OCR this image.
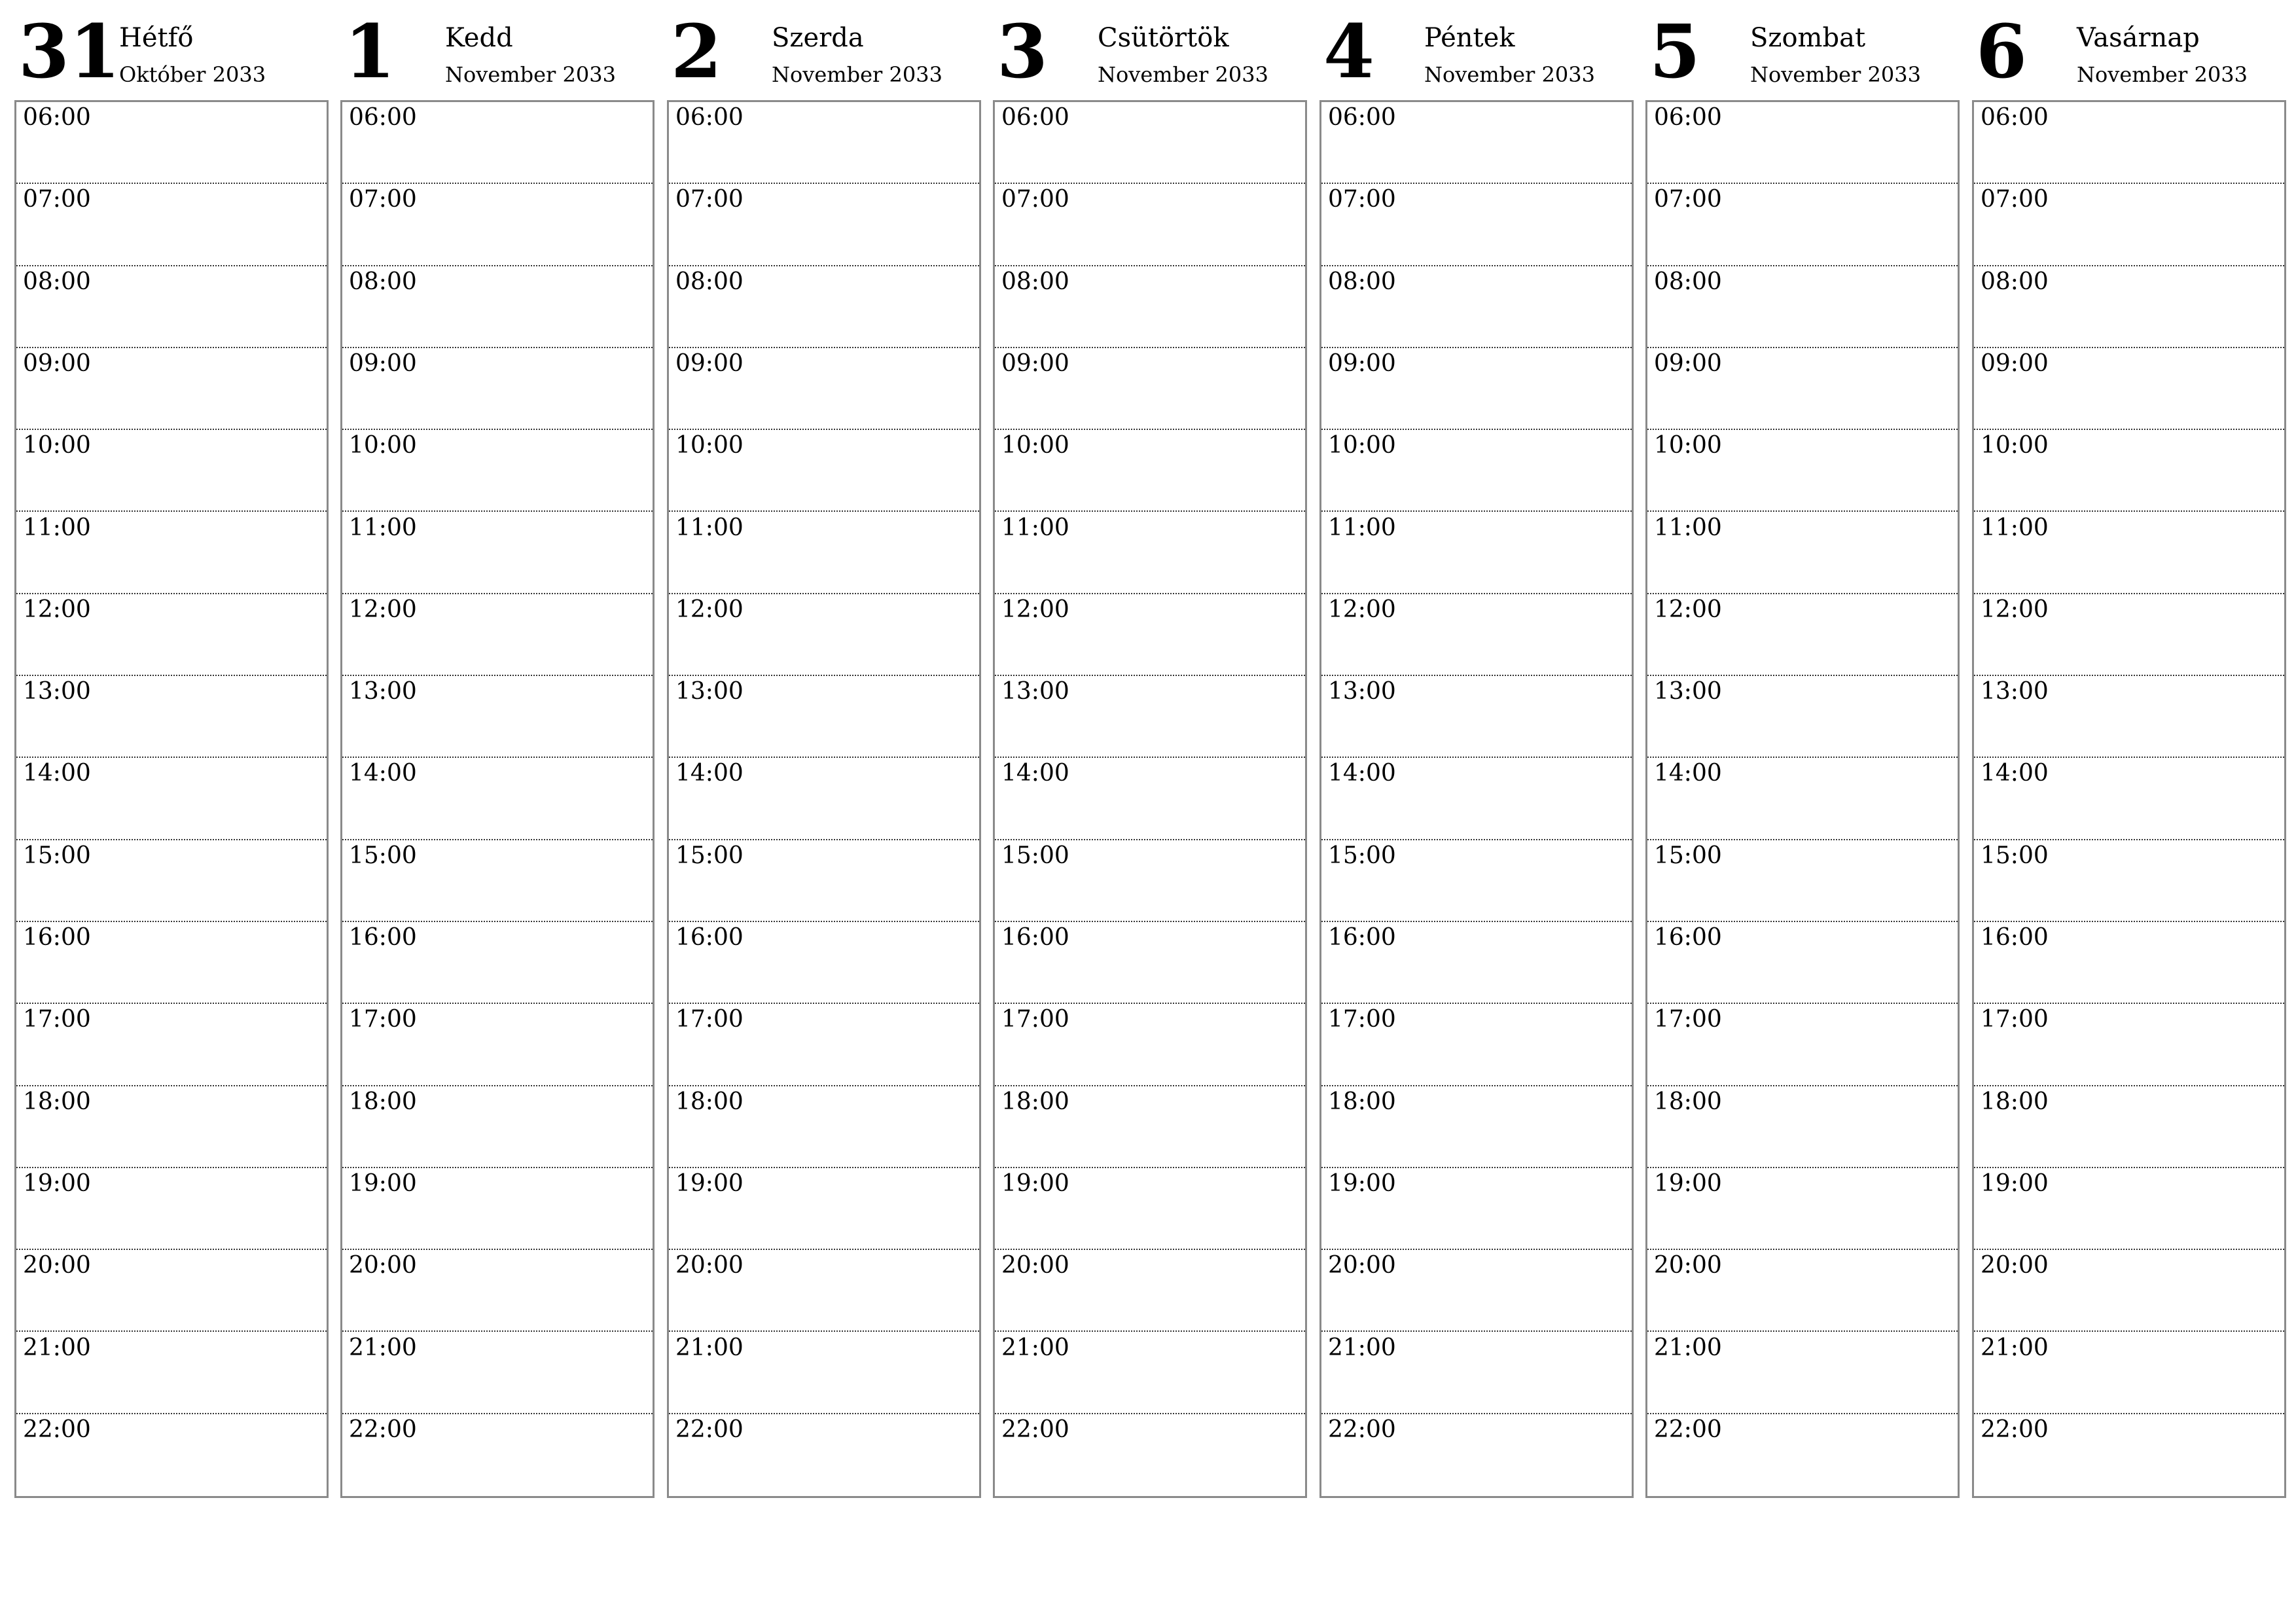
31
Hétfő
Október 2033
06:00
07:00
08:00
09:00
10:00
11:00
12:00
13:00
14:00
15:00
16:00
17:00
18:00
19:00
20:00
21:00
22:00
1 Kedd
November 2033
06:00
07:00
08:00
09:00
10:00
11:00
12:00
13:00
14:00
15:00
16:00
17:00
18:00
19:00
20:00
21:00
22:00
2 Szerda
November 2033
06:00
07:00
08:00
09:00
10:00
11:00
12:00
13:00
14:00
15:00
16:00
17:00
18:00
19:00
20:00
21:00
22:00
3 Csütörtök
November 2033
06:00
07:00
08:00
09:00
10:00
11:00
12:00
13:00
14:00
15:00
16:00
17:00
18:00
19:00
20:00
21:00
22:00
4 Péntek
November 2033
06:00
07:00
08:00
09:00
10:00
11:00
12:00
13:00
14:00
15:00
16:00
17:00
18:00
19:00
20:00
21:00
22:00
5 Szombat
November 2033
06:00
07:00
08:00
09:00
10:00
11:00
12:00
13:00
14:00
15:00
16:00
17:00
18:00
19:00
20:00
21:00
22:00
6 Vasárnap
November 2033
06:00
07:00
08:00
09:00
10:00
11:00
12:00
13:00
14:00
15:00
16:00
17:00
18:00
19:00
20:00
21:00
22:00
